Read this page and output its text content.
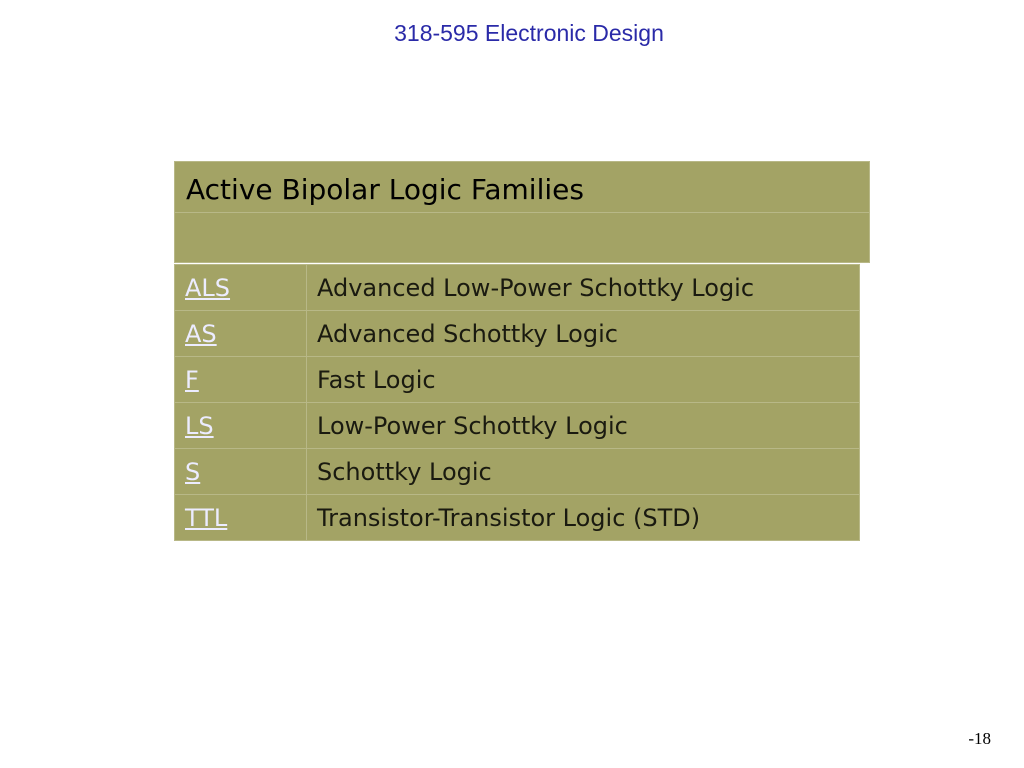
318-595 Electronic Design
Active Bipolar Logic Families
ALS	Advanced Low-Power Schottky Logic
AS	Advanced Schottky Logic
F	Fast Logic
LS	Low-Power Schottky Logic
S	Schottky Logic
TTL	Transistor-Transistor Logic (STD)
-18
